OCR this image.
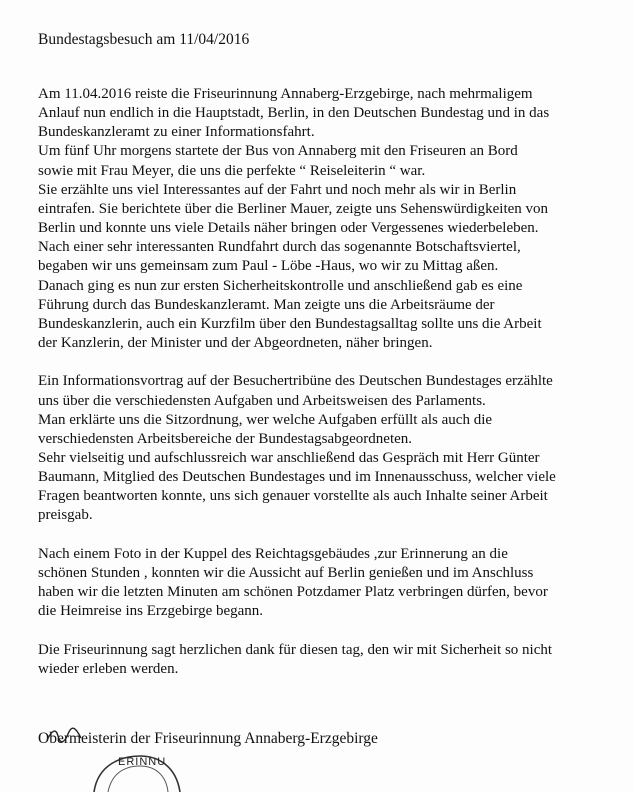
Bundestagsbesuch am 11/04/2016

Am 11.04.2016 reiste die Friseurinnung Annaberg-Erzgebirge, nach mehrmaligem
Anlauf nun endlich in die Hauptstadt, Berlin, in den Deutschen Bundestag und in das
Bundeskanzleramt zu einer Informationsfahrt.
Um fünf Uhr morgens startete der Bus von Annaberg mit den Friseuren an Bord
sowie mit Frau Meyer, die uns die perfekte “ Reiseleiterin “ war.
Sie erzählte uns viel Interessantes auf der Fahrt und noch mehr als wir in Berlin
eintrafen. Sie berichtete über die Berliner Mauer, zeigte uns Sehenswürdigkeiten von
Berlin und konnte uns viele Details näher bringen oder Vergessenes wiederbeleben.
Nach einer sehr interessanten Rundfahrt durch das sogenannte Botschaftsviertel,
begaben wir uns gemeinsam zum Paul - Löbe -Haus, wo wir zu Mittag aßen.
Danach ging es nun zur ersten Sicherheitskontrolle und anschließend gab es eine
Führung durch das Bundeskanzleramt. Man zeigte uns die Arbeitsräume der
Bundeskanzlerin, auch ein Kurzfilm über den Bundestagsalltag sollte uns die Arbeit
der Kanzlerin, der Minister und der Abgeordneten, näher bringen.

Ein Informationsvortrag auf der Besuchertribüne des Deutschen Bundestages erzählte
uns über die verschiedensten Aufgaben und Arbeitsweisen des Parlaments.
Man erklärte uns die Sitzordnung, wer welche Aufgaben erfüllt als auch die
verschiedensten Arbeitsbereiche der Bundestagsabgeordneten.
Sehr vielseitig und aufschlussreich war anschließend das Gespräch mit Herr Günter
Baumann, Mitglied des Deutschen Bundestages und im Innenausschuss, welcher viele
Fragen beantworten konnte, uns sich genauer vorstellte als auch Inhalte seiner Arbeit
preisgab.

Nach einem Foto in der Kuppel des Reichtagsgebäudes ,zur Erinnerung an die
schönen Stunden , konnten wir die Aussicht auf Berlin genießen und im Anschluss
haben wir die letzten Minuten am schönen Potzdamer Platz verbringen dürfen, bevor
die Heimreise ins Erzgebirge begann.

Die Friseurinnung sagt herzlichen dank für diesen tag, den wir mit Sicherheit so nicht
wieder erleben werden.

Obermeisterin der Friseurinnung Annaberg-Erzgebirge
ERINNU
